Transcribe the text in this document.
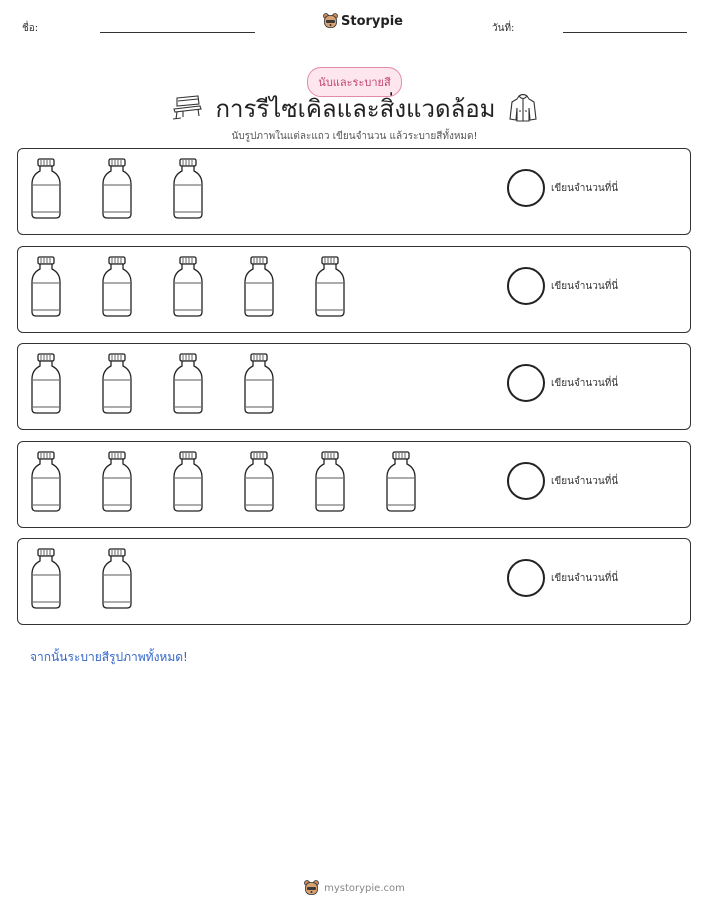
ชื่อ:	Storypie	วันที่:
นับและระบายสี
การรีไซเคิลและสิ่งแวดล้อม
นับรูปภาพในแต่ละแถว เขียนจำนวน แล้วระบายสีทั้งหมด!
เขียนจำนวนที่นี่
เขียนจำนวนที่นี่
เขียนจำนวนที่นี่
เขียนจำนวนที่นี่
เขียนจำนวนที่นี่
จากนั้นระบายสีรูปภาพทั้งหมด!
mystorypie.com
